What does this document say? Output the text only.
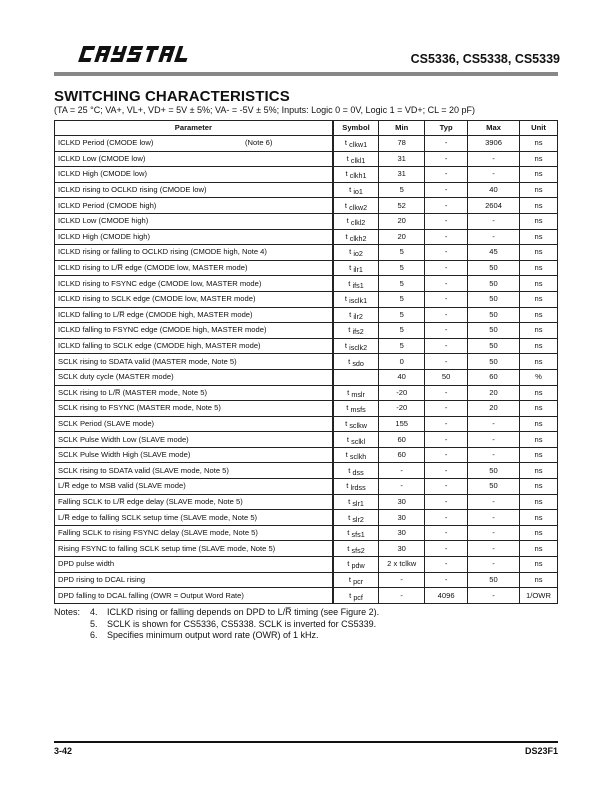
CS5336, CS5338, CS5339
SWITCHING CHARACTERISTICS
(TA = 25 °C; VA+, VL+, VD+ = 5V ± 5%; VA- = -5V ± 5%; Inputs: Logic 0 = 0V, Logic 1 = VD+; CL = 20 pF)
Parameter	Symbol	Min	Typ	Max	Unit
ICLKD Period (CMODE low) (Note 6)	t clkw1	78	-	3906	ns
ICLKD Low (CMODE low)	t clkl1	31	-	-	ns
ICLKD High (CMODE low)	t clkh1	31	-	-	ns
ICLKD rising to OCLKD rising (CMODE low)	t io1	5	-	40	ns
ICLKD Period (CMODE high)	t clkw2	52	-	2604	ns
ICLKD Low (CMODE high)	t clkl2	20	-	-	ns
ICLKD High (CMODE high)	t clkh2	20	-	-	ns
ICLKD rising or falling to OCLKD rising (CMODE high, Note 4)	t io2	5	-	45	ns
ICLKD rising to L/R̅ edge (CMODE low, MASTER mode)	t ilr1	5	-	50	ns
ICLKD rising to FSYNC edge (CMODE low, MASTER mode)	t ifs1	5	-	50	ns
ICLKD rising to SCLK edge (CMODE low, MASTER mode)	t isclk1	5	-	50	ns
ICLKD falling to L/R̅ edge (CMODE high, MASTER mode)	t ilr2	5	-	50	ns
ICLKD falling to FSYNC edge (CMODE high, MASTER mode)	t ifs2	5	-	50	ns
ICLKD falling to SCLK edge (CMODE high, MASTER mode)	t isclk2	5	-	50	ns
SCLK rising to SDATA valid (MASTER mode, Note 5)	t sdo	0	-	50	ns
SCLK duty cycle (MASTER mode)		40	50	60	%
SCLK rising to L/R̅ (MASTER mode, Note 5)	t mslr	-20	-	20	ns
SCLK rising to FSYNC (MASTER mode, Note 5)	t msfs	-20	-	20	ns
SCLK Period (SLAVE mode)	t sclkw	155	-	-	ns
SCLK Pulse Width Low (SLAVE mode)	t sclkl	60	-	-	ns
SCLK Pulse Width High (SLAVE mode)	t sclkh	60	-	-	ns
SCLK rising to SDATA valid (SLAVE mode, Note 5)	t dss	-	-	50	ns
L/R̅ edge to MSB valid (SLAVE mode)	t lrdss	-	-	50	ns
Falling SCLK to L/R̅ edge delay (SLAVE mode, Note 5)	t slr1	30	-	-	ns
L/R̅ edge to falling SCLK setup time (SLAVE mode, Note 5)	t slr2	30	-	-	ns
Falling SCLK to rising FSYNC delay (SLAVE mode, Note 5)	t sfs1	30	-	-	ns
Rising FSYNC to falling SCLK setup time (SLAVE mode, Note 5)	t sfs2	30	-	-	ns
DPD pulse width	t pdw	2 x tclkw	-	-	ns
DPD rising to DCAL rising	t pcr	-	-	50	ns
DPD falling to DCAL falling (OWR = Output Word Rate)	t pcf	-	4096	-	1/OWR
Notes: 4. ICLKD rising or falling depends on DPD to L/R̅ timing (see Figure 2).
5. SCLK is shown for CS5336, CS5338. SCLK is inverted for CS5339.
6. Specifies minimum output word rate (OWR) of 1 kHz.
3-42	DS23F1
